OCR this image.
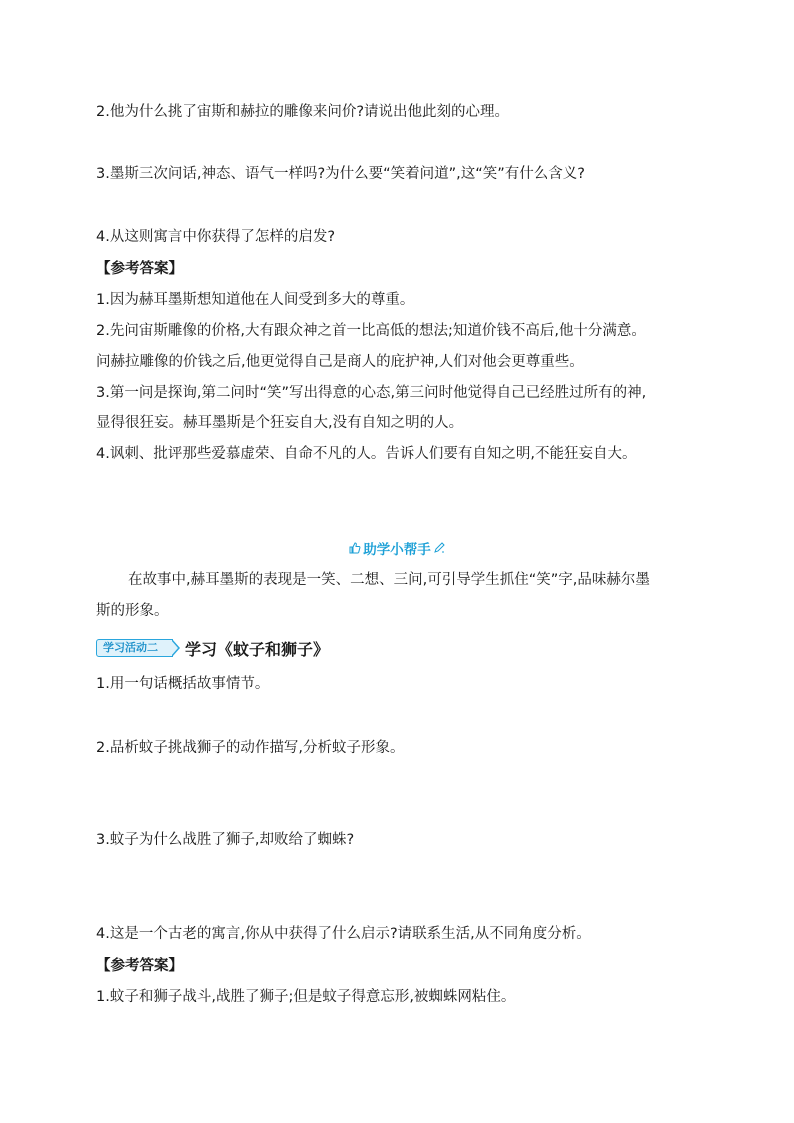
2.他为什么挑了宙斯和赫拉的雕像来问价?请说出他此刻的心理。
3.墨斯三次问话,神态、语气一样吗?为什么要“笑着问道”,这“笑”有什么含义?
4.从这则寓言中你获得了怎样的启发?
【参考答案】
1.因为赫耳墨斯想知道他在人间受到多大的尊重。
2.先问宙斯雕像的价格,大有跟众神之首一比高低的想法;知道价钱不高后,他十分满意。
问赫拉雕像的价钱之后,他更觉得自己是商人的庇护神,人们对他会更尊重些。
3.第一问是探询,第二问时“笑”写出得意的心态,第三问时他觉得自己已经胜过所有的神,
显得很狂妄。赫耳墨斯是个狂妄自大,没有自知之明的人。
4.讽刺、批评那些爱慕虚荣、自命不凡的人。告诉人们要有自知之明,不能狂妄自大。
助学小帮手
在故事中,赫耳墨斯的表现是一笑、二想、三问,可引导学生抓住“笑”字,品味赫尔墨
斯的形象。
学习活动二	学习《蚊子和狮子》
1.用一句话概括故事情节。
2.品析蚊子挑战狮子的动作描写,分析蚊子形象。
3.蚊子为什么战胜了狮子,却败给了蜘蛛?
4.这是一个古老的寓言,你从中获得了什么启示?请联系生活,从不同角度分析。
【参考答案】
1.蚊子和狮子战斗,战胜了狮子;但是蚊子得意忘形,被蜘蛛网粘住。
